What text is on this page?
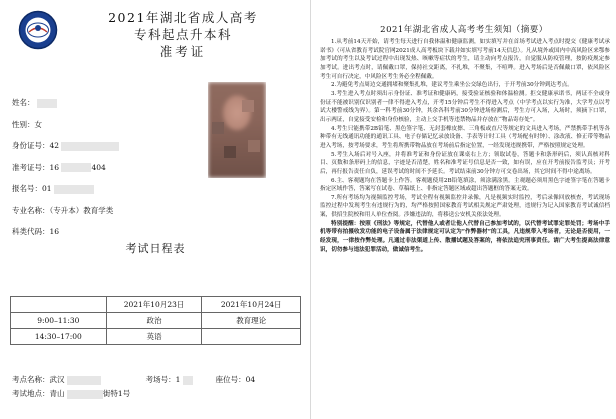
2021年湖北省成人高考
专科起点升本科
准考证
姓名：
性别：女
身份证号：42
准考证号：16	404
报名号：01
专业名称：（专升本）教育学类
科类代码：16
考试日程表
	2021年10月23日	2021年10月24日
9:00–11:30	政治	教育理论
14:30–17:00	英语	
考点名称：武汉	考场号：1	座位号：04
考试地点：青山	街特1号
2021年湖北省成人高考考生须知（摘要）

1.从考前14天开始，请考生每天进行自我体温和健康监测，如实填写并在首场考试进入考点时提交《健康考试承诺书》（可从省教育考试院官网2021成人高考板块下载并如实填写考前14天信息）。凡从境外或国内中高风险区来鄂参加考试的考生以及考试过程中出现发热、咳嗽等症状的考生，请主动向考点报告，自觉服从防疫管理，按防疫规定参加考试。进出考点时，请佩戴口罩，保持社交距离，不扎堆，不聚集，不喧哗。进入考场后是否佩戴口罩，依风险区考生可自行决定，中风险区考生务必全程佩戴。

2.为避免考点周边交通拥堵和聚集扎堆，建议考生乘坐公交绿色出行，于开考前30分钟到达考点。

3.考生进入考点时须出示身份证、准考证和健康码，接受验证核验和体温检测。拒交健康承诺书，两证不全或身份证不能被识别仪识别者一律不得进入考点，开考15分钟后考生不得进入考点（中学考点以实行为准，大学考点以考试大楼警戒线为界）。第一科考前30分钟，其余各科考前30分钟进场检测后，考生方可入场，入场时，须摘下口罩，出示两证，自觉接受安检和身份核验，主动上交手机等违禁物品并存放在“物品寄存处”。

4.考生只能携带2B铅笔、黑色签字笔、无封套橡皮擦、三角板或直尺等规定的文具进入考场，严禁携带手机等各种带有无线通讯功能的通讯工具、电子存储记忆录放设备、手表等计时工具（考场配有时钟）、涂改液、修正带等物品进入考场，按考场要求，考生将所携带物品放在考场前后指定位置，一经发现违规携带，严格按照规定处理。

5.考生入场后对号入座，并将准考证和身份证放在课桌右上方；领取试卷，答题卡和条形码后，须认真核对科目、页数和条形码上的信息，字迹是否清楚，姓名和准考证号信息是否一致，如有误，应在开考前报告监考员；开考后，再行报告责任自负，延误考试的时间不予延长。考试结束前30分钟方可交卷出场，其它时间不得中途离场。

6.主、客观题均在答题卡上作答。客观题使用2B铅笔填涂，须涂满涂黑。主观题必须用黑色字迹签字笔在答题卡指定区域作答，答案写在试卷、草稿纸上、非指定答题区域或超出答题框的答案无效。

7.所有考场均为视频监控考场，考试全程有视频监控并录像，凡是视频实时监控，考后录像回放核查，考试现场监控过程中发现考生有违规行为的，均严格按照国家教育考试相关规定严肃处理，违规行为记入国家教育考试诚信档案，供招生院校和用人单位查阅。涉嫌违法的，将移送公安机关依法处理。

特别提醒：按照《刑法》等规定，代替他人或者让他人代替自己参加考试的，以代替考试罪定罪处罚；考场中手机等带有拍摄收发功能的电子设备属于法律规定可认定为“作弊器材”的工具，凡违规带入考场者，无论是否使用，一经发现，一律按作弊处理。凡通过非法渠道上传、散播试题及答案的，将依法追究刑事责任。请广大考生提高法律意识，切勿参与违法犯罪活动，做诚信考生。
